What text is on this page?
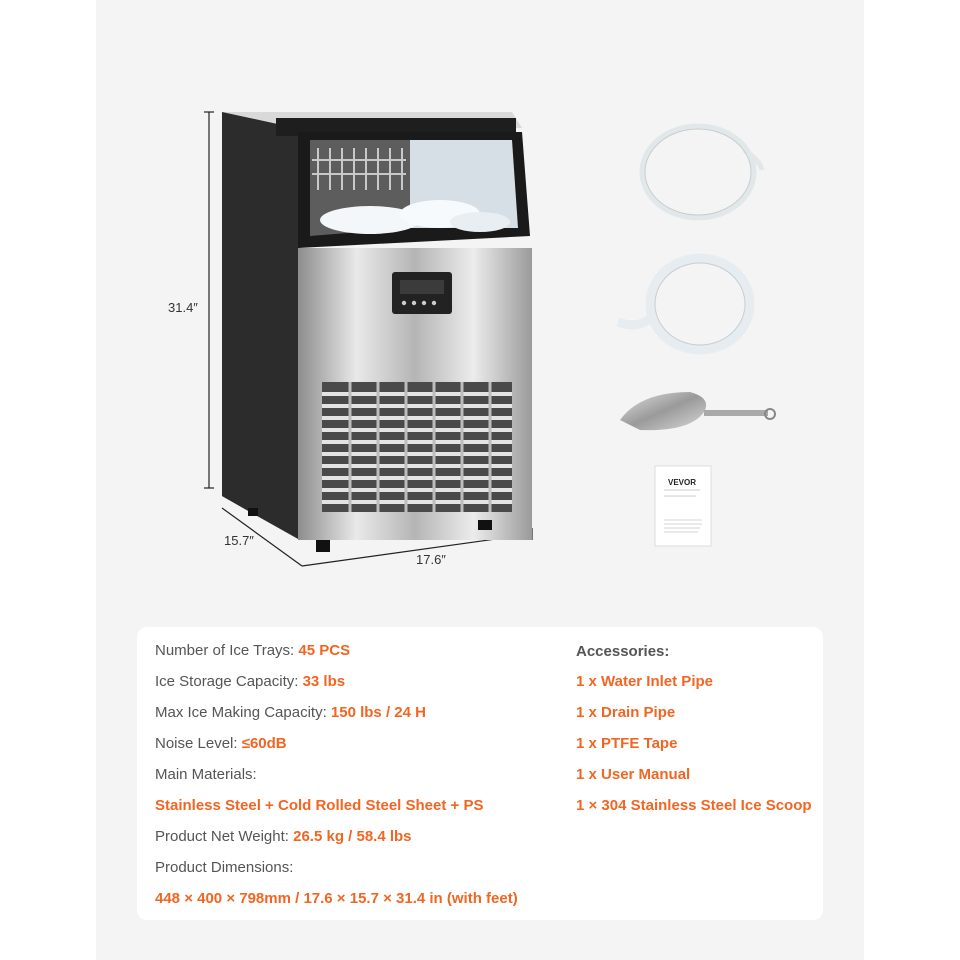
VEVOR
31.4″
15.7″
17.6″
Number of Ice Trays: 45 PCS
Ice Storage Capacity: 33 lbs
Max Ice Making Capacity: 150 lbs / 24 H
Noise Level: ≤60dB
Main Materials:
Stainless Steel + Cold Rolled Steel Sheet + PS
Product Net Weight: 26.5 kg / 58.4 lbs
Product Dimensions:
448 × 400 × 798mm / 17.6 × 15.7 × 31.4 in (with feet)
Accessories:
1 x Water Inlet Pipe
1 x Drain Pipe
1 x PTFE Tape
1 x User Manual
1 × 304 Stainless Steel Ice Scoop
